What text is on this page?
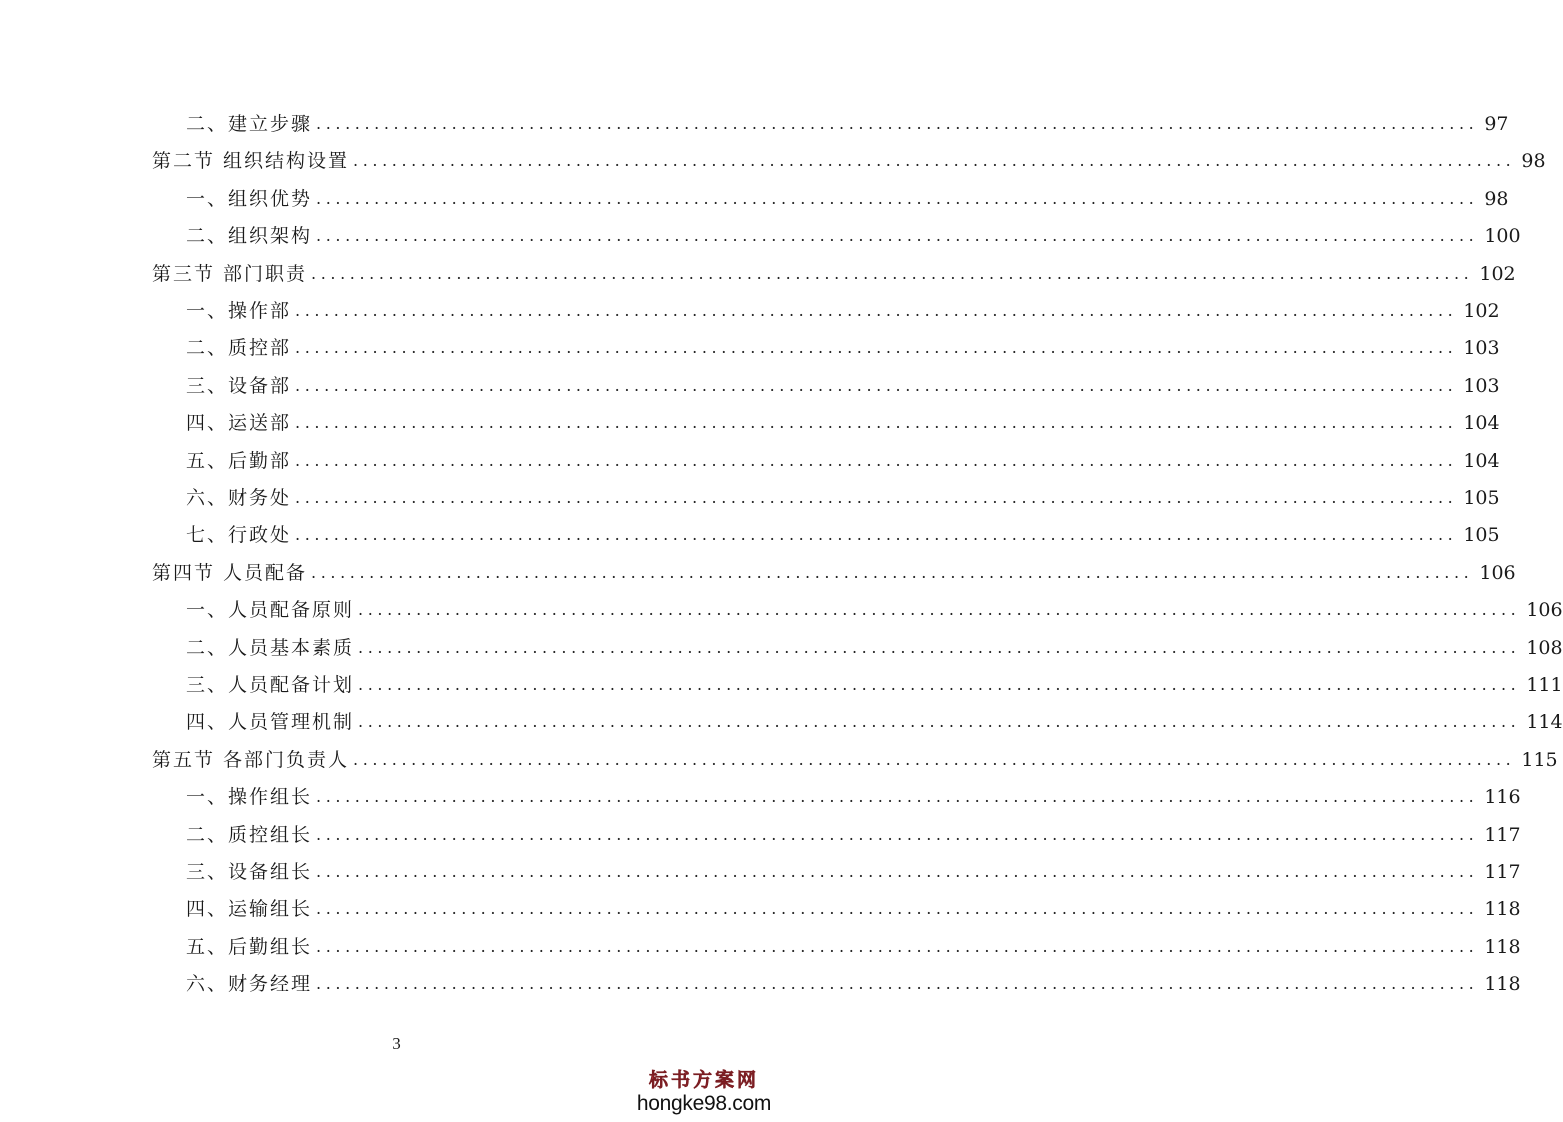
二、建立步骤 ........................................................................................................................ 97
第二节 组织结构设置 ........................................................................................................................ 98
一、组织优势 ........................................................................................................................ 98
二、组织架构 ........................................................................................................................ 100
第三节 部门职责 ........................................................................................................................ 102
一、操作部 ........................................................................................................................ 102
二、质控部 ........................................................................................................................ 103
三、设备部 ........................................................................................................................ 103
四、运送部 ........................................................................................................................ 104
五、后勤部 ........................................................................................................................ 104
六、财务处 ........................................................................................................................ 105
七、行政处 ........................................................................................................................ 105
第四节 人员配备 ........................................................................................................................ 106
一、人员配备原则 ........................................................................................................................ 106
二、人员基本素质 ........................................................................................................................ 108
三、人员配备计划 ........................................................................................................................ 111
四、人员管理机制 ........................................................................................................................ 114
第五节 各部门负责人 ........................................................................................................................ 115
一、操作组长 ........................................................................................................................ 116
二、质控组长 ........................................................................................................................ 117
三、设备组长 ........................................................................................................................ 117
四、运输组长 ........................................................................................................................ 118
五、后勤组长 ........................................................................................................................ 118
六、财务经理 ........................................................................................................................ 118
3
标书方案网
hongke98.com
